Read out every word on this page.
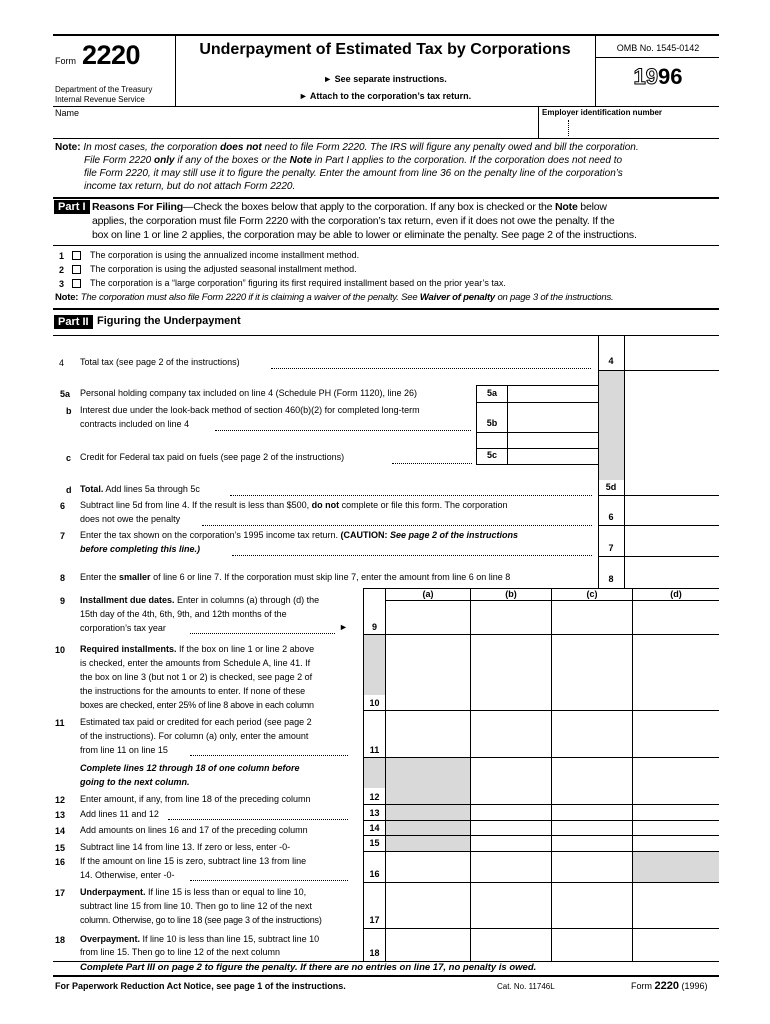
Form 2220
Department of the Treasury
Internal Revenue Service
Underpayment of Estimated Tax by Corporations
► See separate instructions.
► Attach to the corporation’s tax return.
OMB No. 1545-0142
1996
Name	Employer identification number
Note: In most cases, the corporation does not need to file Form 2220. The IRS will figure any penalty owed and bill the corporation.
File Form 2220 only if any of the boxes or the Note in Part I applies to the corporation. If the corporation does not need to
file Form 2220, it may still use it to figure the penalty. Enter the amount from line 36 on the penalty line of the corporation’s
income tax return, but do not attach Form 2220.
Part I Reasons For Filing—Check the boxes below that apply to the corporation. If any box is checked or the Note below
applies, the corporation must file Form 2220 with the corporation’s tax return, even if it does not owe the penalty. If the
box on line 1 or line 2 applies, the corporation may be able to lower or eliminate the penalty. See page 2 of the instructions.
1	The corporation is using the annualized income installment method.
2	The corporation is using the adjusted seasonal installment method.
3	The corporation is a “large corporation” figuring its first required installment based on the prior year’s tax.
Note: The corporation must also file Form 2220 if it is claiming a waiver of the penalty. See Waiver of penalty on page 3 of the instructions.
Part II Figuring the Underpayment
4 Total tax (see page 2 of the instructions)	4
5a Personal holding company tax included on line 4 (Schedule PH (Form 1120), line 26)	5a
b Interest due under the look-back method of section 460(b)(2) for completed long-term
contracts included on line 4	5b
c Credit for Federal tax paid on fuels (see page 2 of the instructions)	5c
d Total. Add lines 5a through 5c	5d
6 Subtract line 5d from line 4. If the result is less than $500, do not complete or file this form. The corporation
does not owe the penalty	6
7 Enter the tax shown on the corporation’s 1995 income tax return. (CAUTION: See page 2 of the instructions
before completing this line.)	7
8 Enter the smaller of line 6 or line 7. If the corporation must skip line 7, enter the amount from line 6 on line 8	8
(a)	(b)	(c)	(d)
9 Installment due dates. Enter in columns (a) through (d) the
15th day of the 4th, 6th, 9th, and 12th months of the
corporation’s tax year	►	9
10 Required installments. If the box on line 1 or line 2 above
is checked, enter the amounts from Schedule A, line 41. If
the box on line 3 (but not 1 or 2) is checked, see page 2 of
the instructions for the amounts to enter. If none of these
boxes are checked, enter 25% of line 8 above in each column	10
11 Estimated tax paid or credited for each period (see page 2
of the instructions). For column (a) only, enter the amount
from line 11 on line 15	11
Complete lines 12 through 18 of one column before
going to the next column.
12 Enter amount, if any, from line 18 of the preceding column	12
13 Add lines 11 and 12	13
14 Add amounts on lines 16 and 17 of the preceding column	14
15 Subtract line 14 from line 13. If zero or less, enter -0-	15
16 If the amount on line 15 is zero, subtract line 13 from line
14. Otherwise, enter -0-	16
17 Underpayment. If line 15 is less than or equal to line 10,
subtract line 15 from line 10. Then go to line 12 of the next
column. Otherwise, go to line 18 (see page 3 of the instructions)	17
18 Overpayment. If line 10 is less than line 15, subtract line 10
from line 15. Then go to line 12 of the next column	18
Complete Part III on page 2 to figure the penalty. If there are no entries on line 17, no penalty is owed.
For Paperwork Reduction Act Notice, see page 1 of the instructions.	Cat. No. 11746L	Form 2220 (1996)
